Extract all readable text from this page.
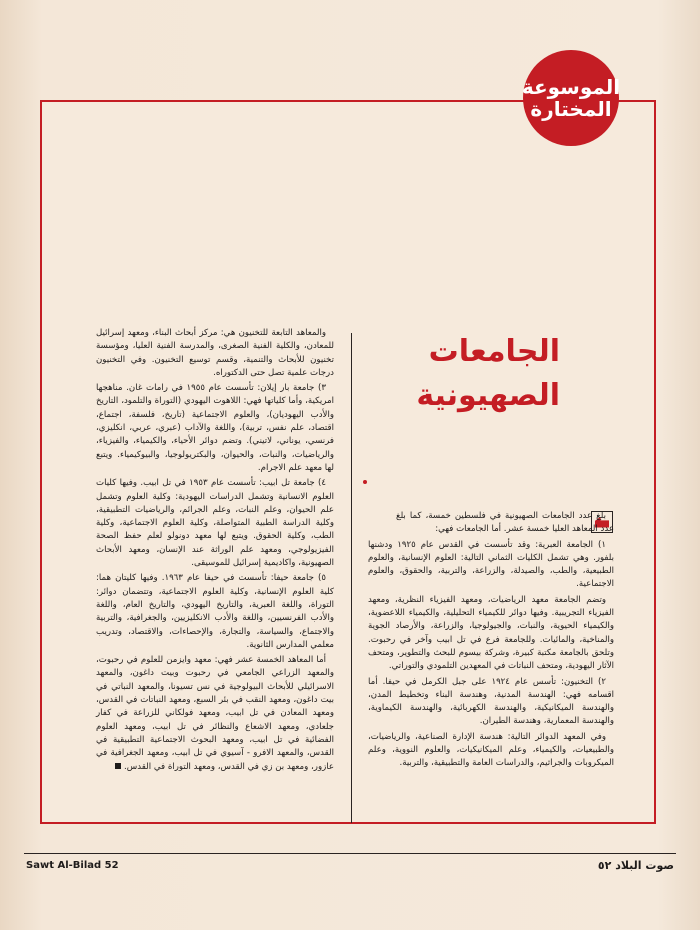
الموسوعة
المختارة
الجامعات الصهيونية

بلغ عدد الجامعات الصهيونية في فلسطين خمسة، كما بلغ عدد المعاهد العليا خمسة عشر. أما الجامعات فهي:

١) الجامعة العبرية: وقد تأسست في القدس عام ١٩٢٥ ودشنها بلفور. وهي تشمل الكليات الثماني التالية: العلوم الإنسانية، والعلوم الطبيعية، والطب، والصيدلة، والزراعة، والتربية، والحقوق، والعلوم الاجتماعية.

وتضم الجامعة معهد الرياضيات، ومعهد الفيزياء النظرية، ومعهد الفيزياء التجريبية. وفيها دوائر للكيمياء التحليلية، والكيمياء اللاعضوية، والكيمياء الحيوية، والنبات، والجيولوجيا، والزراعة، والأرصاد الجوية والمناخية، والمائيات. وللجامعة فرع في تل ابيب وآخر في رحبوت. وتلحق بالجامعة مكتبة كبيرة، وشركة بيسوم للبحث والتطوير، ومتحف الآثار اليهودية، ومتحف النباتات في المعهدين التلمودي والتوراتي.

٢) التخنيون: تأسس عام ١٩٢٤ على جبل الكرمل في حيفا. أما اقسامه فهي: الهندسة المدنية، وهندسة البناء وتخطيط المدن، والهندسة الميكانيكية، والهندسة الكهربائية، والهندسة الكيماوية، والهندسة المعمارية، وهندسة الطيران.

وفي المعهد الدوائر التالية: هندسة الإدارة الصناعية، والرياضيات، والطبيعيات، والكيمياء، وعلم الميكانيكيات، والعلوم النووية، وعلم الميكروبات والجراثيم، والدراسات العامة والتطبيقية، والتربية.

والمعاهد التابعة للتخنيون هي: مركز أبحاث البناء، ومعهد إسرائيل للمعادن، والكلية الفنية الصغرى، والمدرسة الفنية العليا، ومؤسسة تخنيون للأبحاث والتنمية، وقسم توسيع التخنيون. وفي التخنيون درجات علمية تصل حتى الدكتوراه.

٣) جامعة بار إيلان: تأسست عام ١٩٥٥ في رامات غان. مناهجها امريكية، وأما كلياتها فهي: اللاهوت اليهودي (التوراة والتلمود، التاريخ والأدب اليهوديان)، والعلوم الاجتماعية (تاريخ، فلسفة، اجتماع، اقتصاد، علم نفس، تربية)، واللغة والآداب (عبري، عربي، انكليزي، فرنسي، يوناني، لاتيني). وتضم دوائر الأحياء، والكيمياء، والفيزياء، والرياضيات، والنبات، والحيوان، والبكتريولوجيا، والبيوكيمياء. ويتبع لها معهد علم الاجرام.

٤) جامعة تل ابيب: تأسست عام ١٩٥٣ في تل ابيب. وفيها كليات العلوم الانسانية وتشمل الدراسات اليهودية: وكلية العلوم وتشمل علم الحيوان، وعلم النبات، وعلم الجرائم، والرياضيات التطبيقية، وكلية الدراسة الطبية المتواصلة، وكلية العلوم الاجتماعية، وكلية الطب، وكلية الحقوق. ويتبع لها معهد دونولو لعلم حفظ الصحة الفيزيولوجي، ومعهد علم الوراثة عند الإنسان، ومعهد الأبحاث الصهيونية، واكاديمية إسرائيل للموسيقى.

٥) جامعة حيفا: تأسست في حيفا عام ١٩٦٣. وفيها كليتان هما: كلية العلوم الإنسانية، وكلية العلوم الاجتماعية، وتتضمان دوائر: التوراة، واللغة العبرية، والتاريخ اليهودي، والتاريخ العام، واللغة والأدب الفرنسيين، واللغة والأدب الانكليزيين، والجغرافية، والتربية والاجتماع، والسياسة، والتجارة، والإحصاءات، والاقتصاد، وتدريب معلمي المدارس الثانوية.

أما المعاهد الخمسة عشر فهي: معهد وايزمن للعلوم في رحبوت، والمعهد الزراعي الجامعي في رحبوت وبيت داغون، والمعهد الاسرائيلي للأبحاث البيولوجية في نس تسيونا، والمعهد النباتي في بيت داغون، ومعهد النقب في بئر السبع، ومعهد النباتات في القدس، ومعهد المعادن في تل ابيب، ومعهد فولكاني للزراعة في كفار جلعادي، ومعهد الاشعاع والنظائر في تل ابيب، ومعهد العلوم الفضائية في تل ابيب، ومعهد البحوث الاجتماعية التطبيقية في القدس، والمعهد الافرو - آسيوي في تل ابيب، ومعهد الجغرافية في عازور، ومعهد بن زي في القدس، ومعهد التوراة في القدس.

Sawt Al-Bilad 52	صوت البلاد ٥٢
